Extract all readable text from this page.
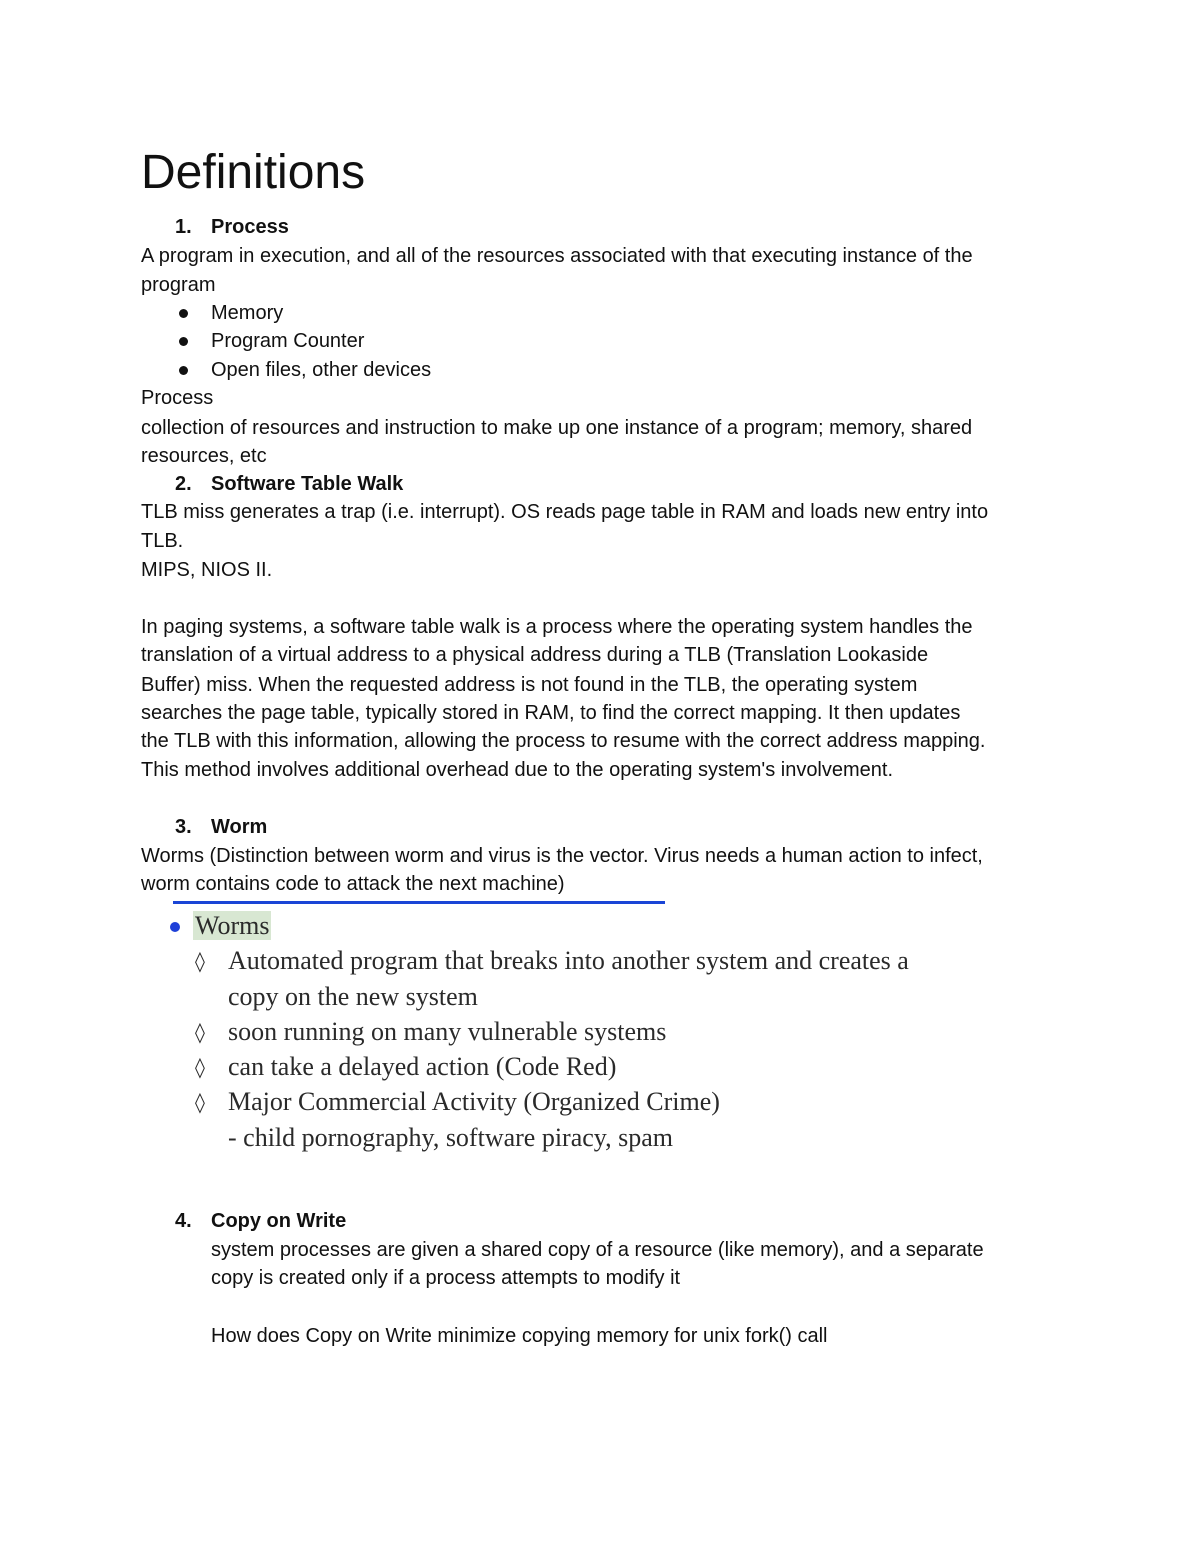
Definitions
1. Process
A program in execution, and all of the resources associated with that executing instance of the
program
Memory
Program Counter
Open files, other devices
Process
collection of resources and instruction to make up one instance of a program; memory, shared
resources, etc
2. Software Table Walk
TLB miss generates a trap (i.e. interrupt). OS reads page table in RAM and loads new entry into
TLB.
MIPS, NIOS II.
In paging systems, a software table walk is a process where the operating system handles the
translation of a virtual address to a physical address during a TLB (Translation Lookaside
Buffer) miss. When the requested address is not found in the TLB, the operating system
searches the page table, typically stored in RAM, to find the correct mapping. It then updates
the TLB with this information, allowing the process to resume with the correct address mapping.
This method involves additional overhead due to the operating system's involvement.
3. Worm
Worms (Distinction between worm and virus is the vector. Virus needs a human action to infect,
worm contains code to attack the next machine)
Worms
◊ Automated program that breaks into another system and creates a
copy on the new system
◊ soon running on many vulnerable systems
◊ can take a delayed action (Code Red)
◊ Major Commercial Activity (Organized Crime)
- child pornography, software piracy, spam
4. Copy on Write
system processes are given a shared copy of a resource (like memory), and a separate
copy is created only if a process attempts to modify it
How does Copy on Write minimize copying memory for unix fork() call
